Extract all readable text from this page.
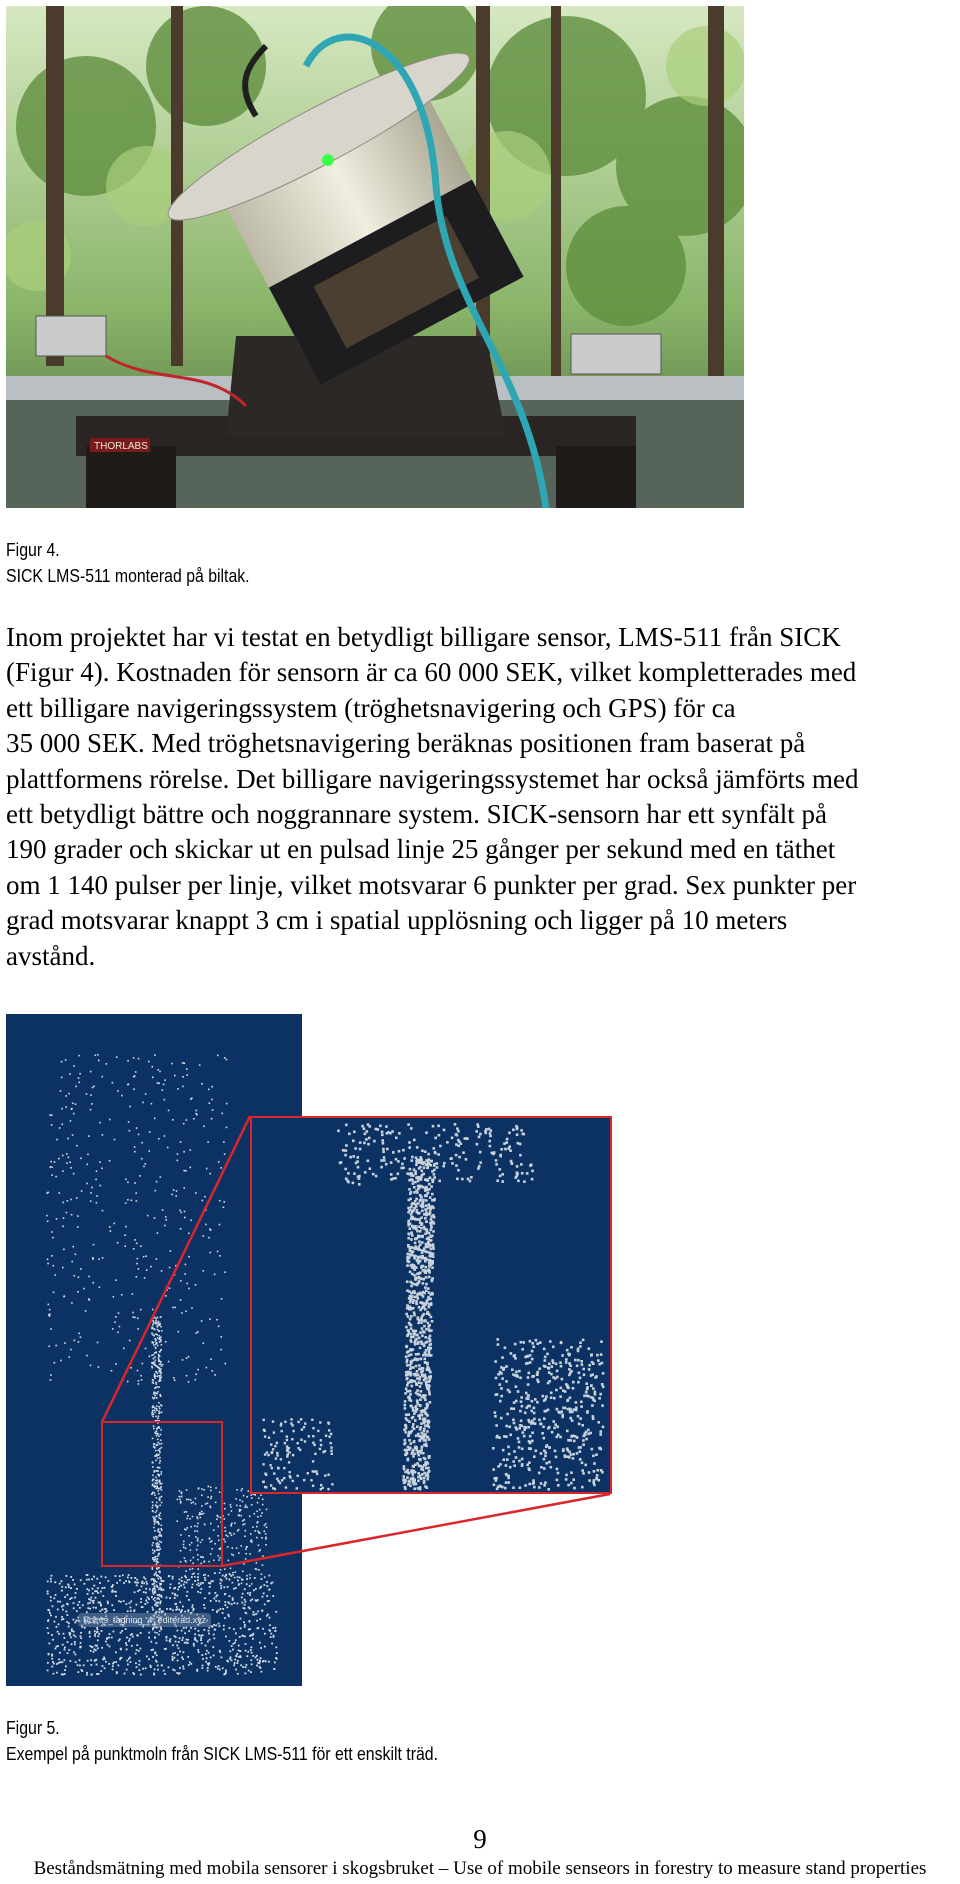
THORLABS
Figur 4.
SICK LMS-511 monterad på biltak.
Inom projektet har vi testat en betydligt billigare sensor, LMS-511 från SICK
(Figur 4). Kostnaden för sensorn är ca 60 000 SEK, vilket kompletterades med
ett billigare navigeringssystem (tröghetsnavigering och GPS) för ca
35 000 SEK. Med tröghetsnavigering beräknas positionen fram baserat på
plattformens rörelse. Det billigare navigeringssystemet har också jämförts med
ett betydligt bättre och noggrannare system. SICK-sensorn har ett synfält på
190 grader och skickar ut en pulsad linje 25 gånger per sekund med en täthet
om 1 140 pulser per linje, vilket motsvarar 6 punkter per grad. Sex punkter per
grad motsvarar knappt 3 cm i spatial upplösning och ligger på 10 meters
avstånd.
Points_tagning_4_editerad.xyz
Figur 5.
Exempel på punktmoln från SICK LMS-511 för ett enskilt träd.
9
Beståndsmätning med mobila sensorer i skogsbruket – Use of mobile senseors in forestry to measure stand properties
